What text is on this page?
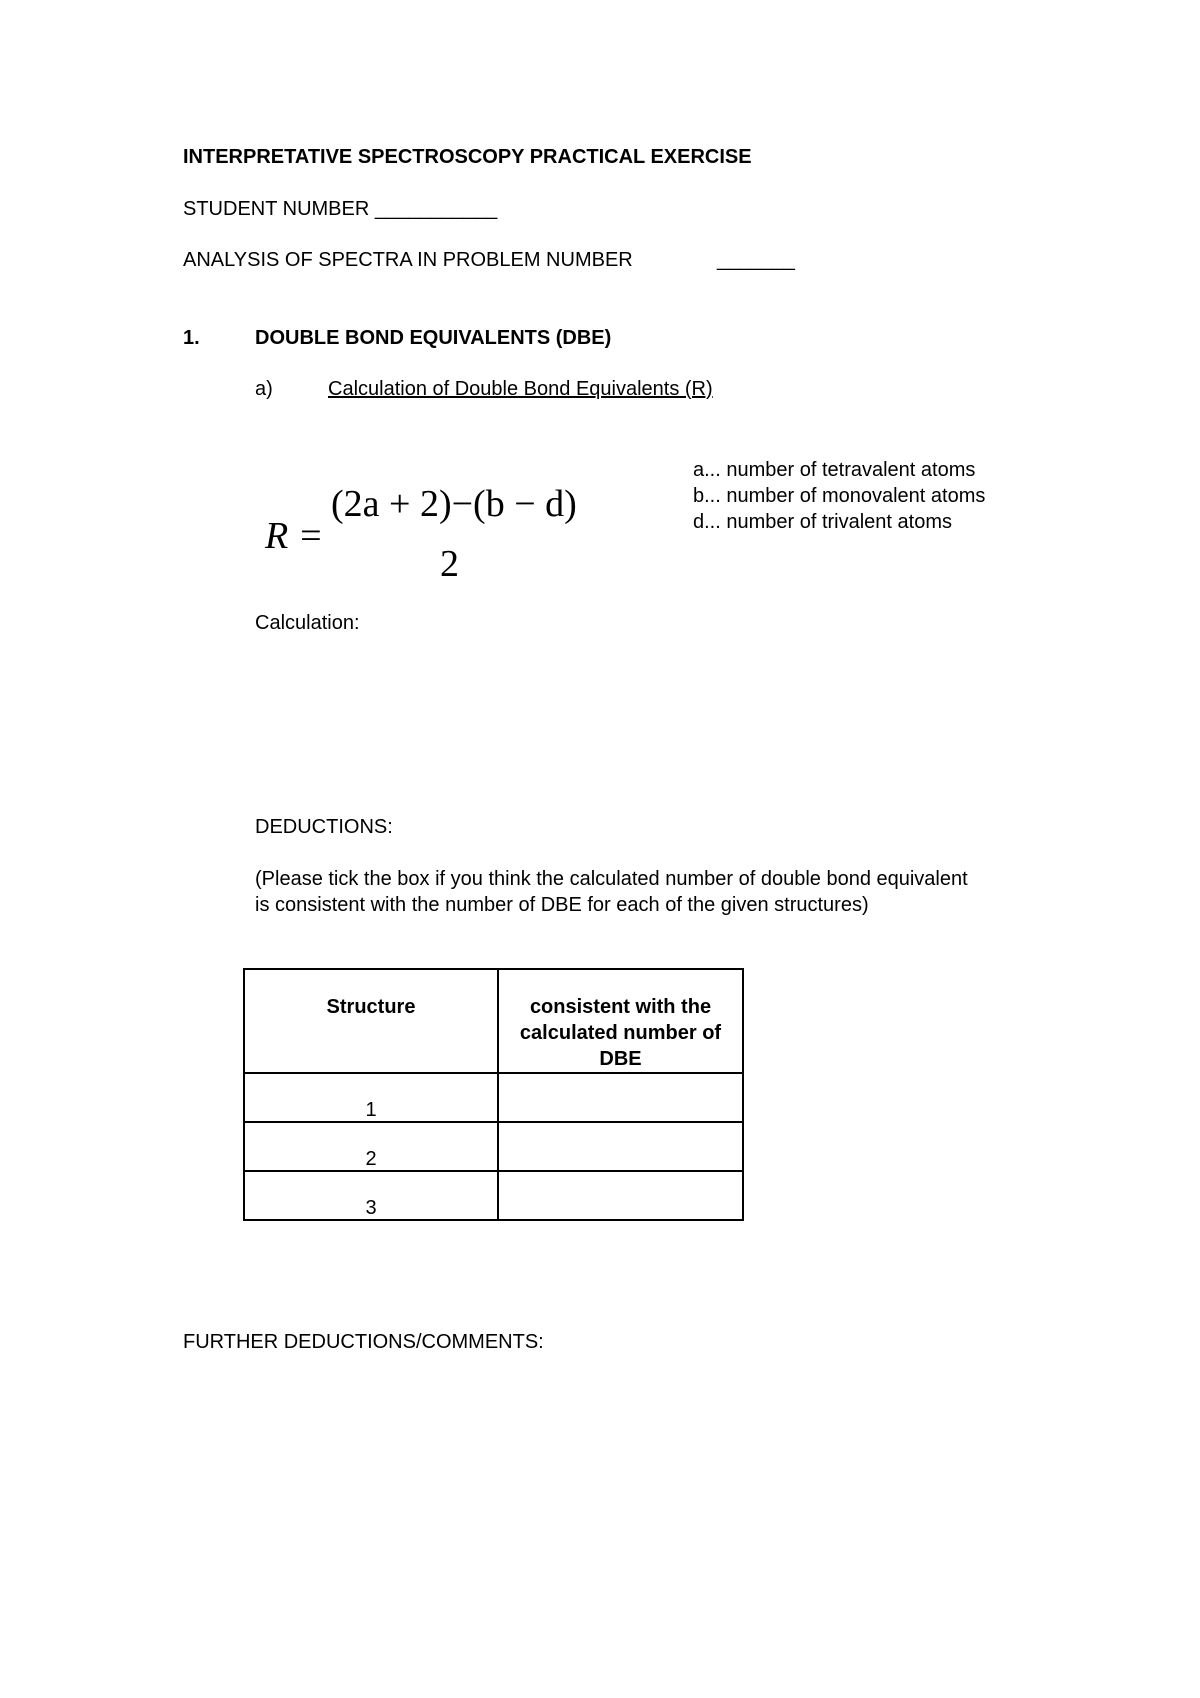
INTERPRETATIVE SPECTROSCOPY PRACTICAL EXERCISE
STUDENT NUMBER ___________
ANALYSIS OF SPECTRA IN PROBLEM NUMBER	_______
1.	DOUBLE BOND EQUIVALENTS (DBE)
a)	Calculation of Double Bond Equivalents (R)
R =
(2a + 2)−(b − d)
2
a... number of tetravalent atoms
b... number of monovalent atoms
d... number of trivalent atoms
Calculation:
DEDUCTIONS:
(Please tick the box if you think the calculated number of double bond equivalent is consistent with the number of DBE for each of the given structures)
Structure	consistent with the calculated number of DBE
1	
2	
3	
FURTHER DEDUCTIONS/COMMENTS:
